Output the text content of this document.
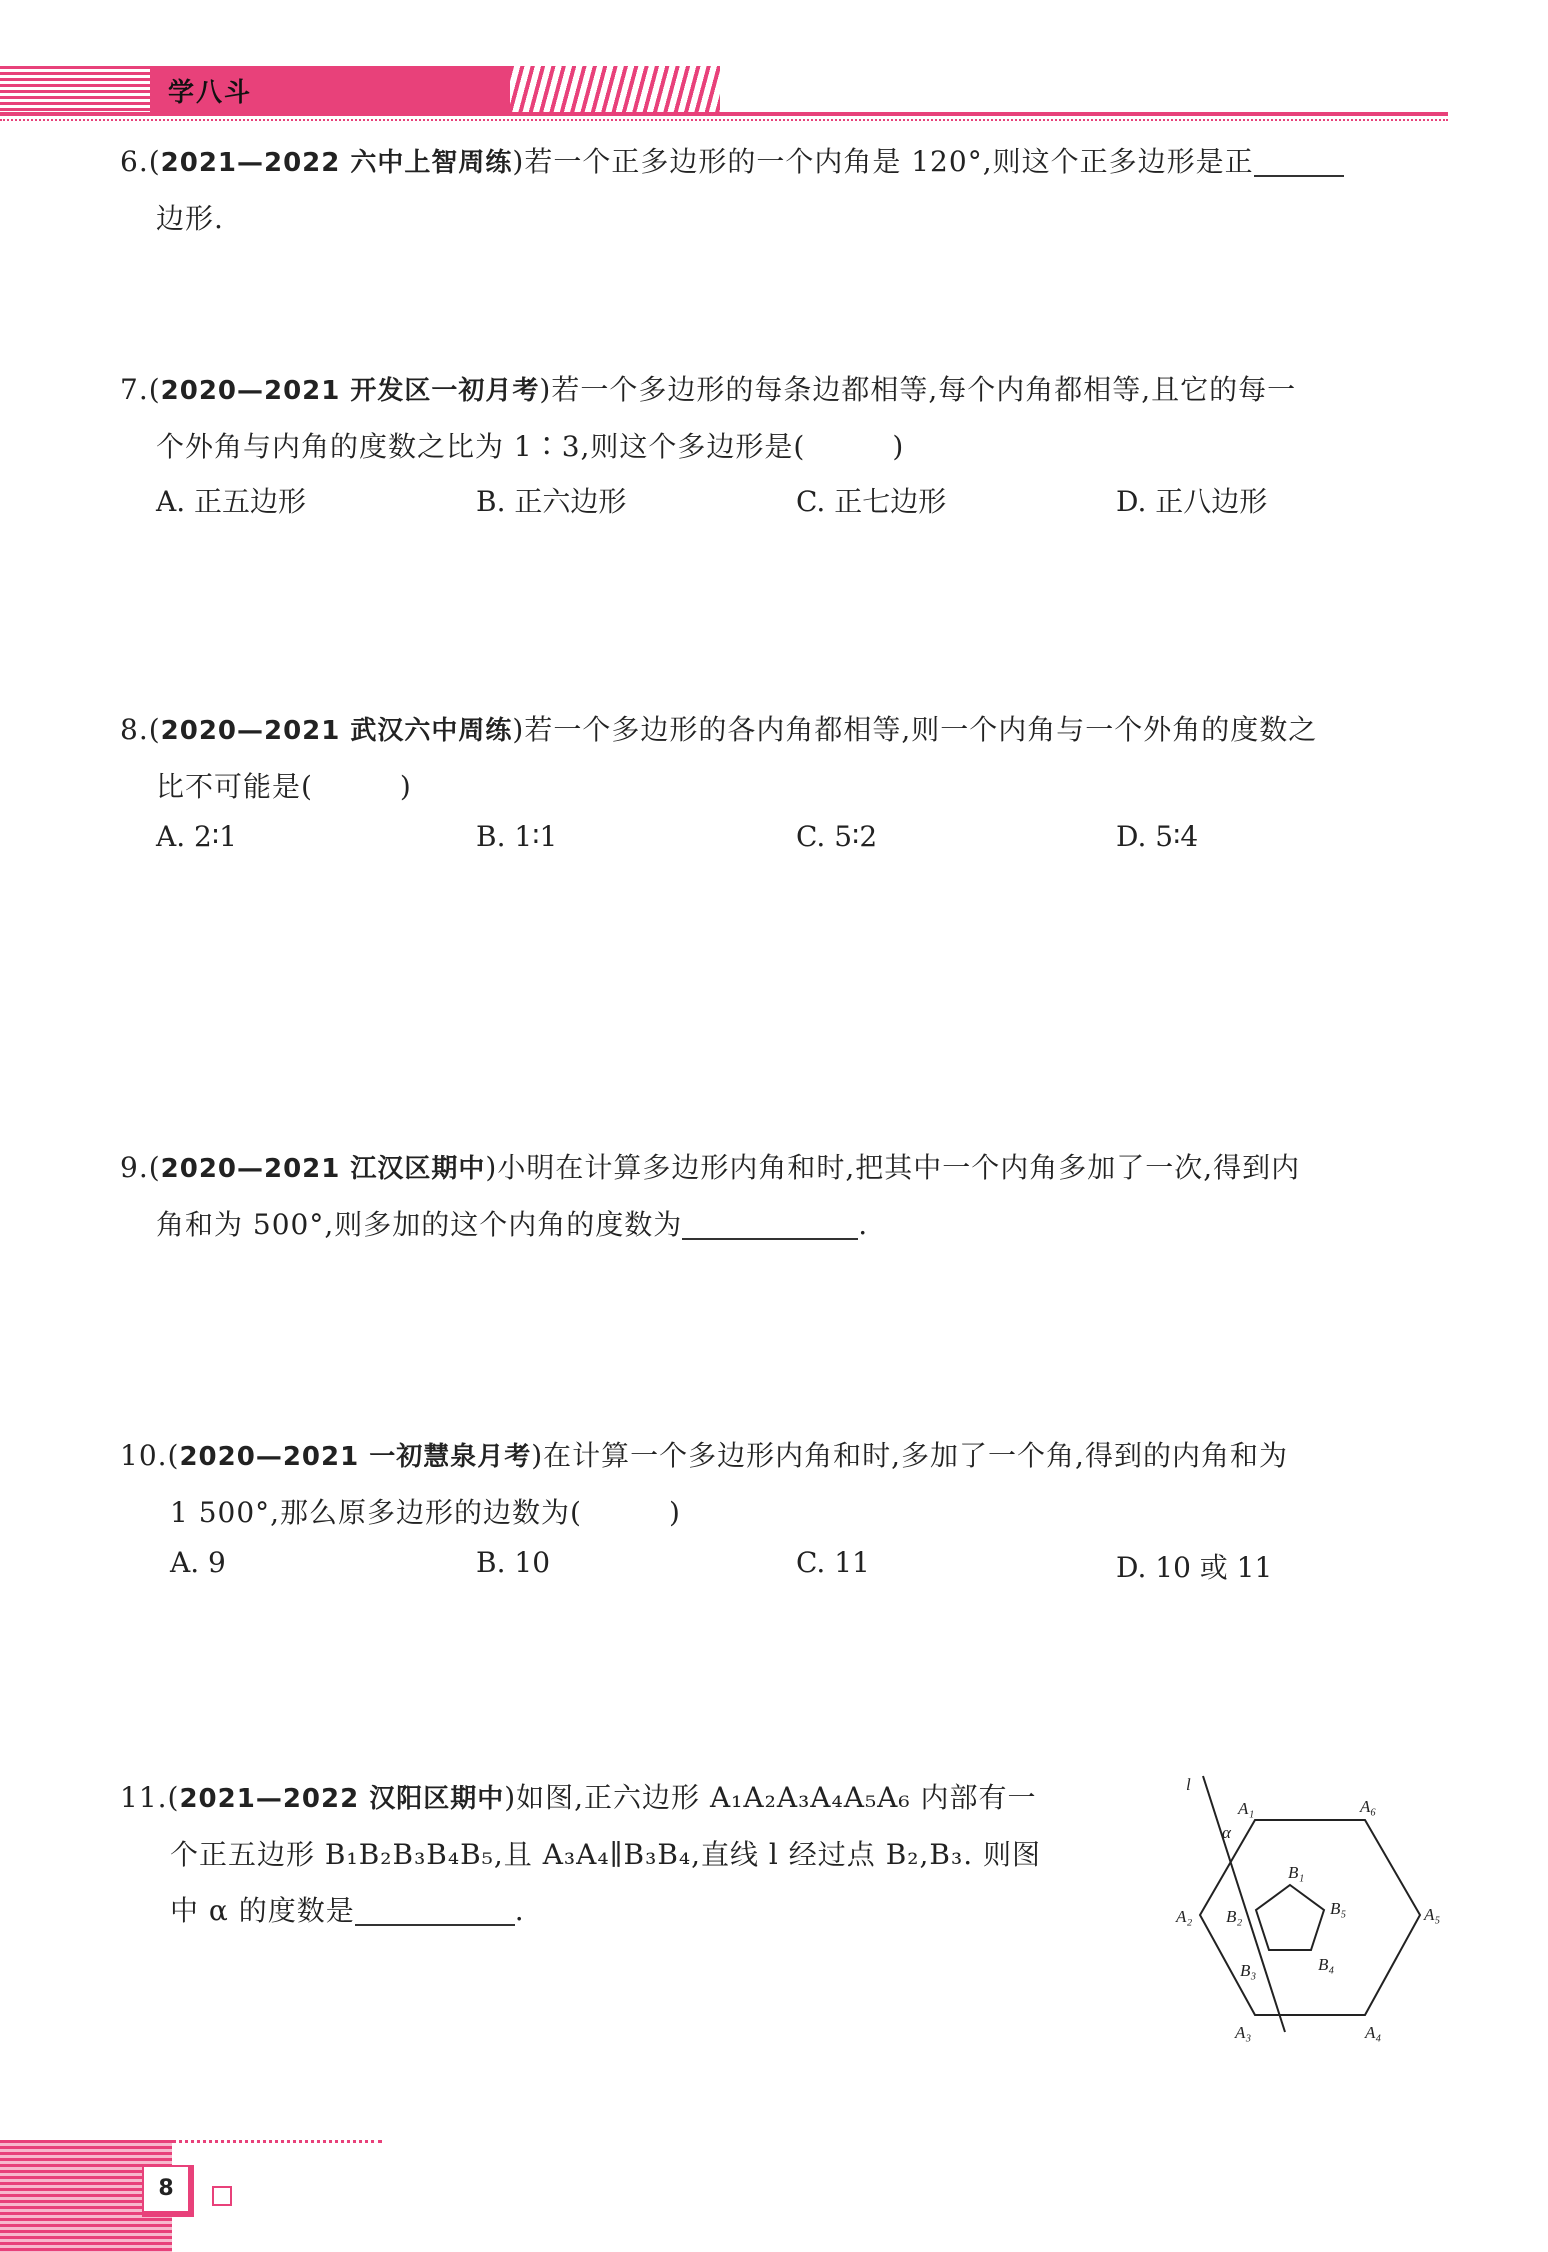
学八斗
6.(2021—2022 六中上智周练)若一个正多边形的一个内角是 120°,则这个正多边形是正
边形.
7.(2020—2021 开发区一初月考)若一个多边形的每条边都相等,每个内角都相等,且它的每一
个外角与内角的度数之比为 1∶3,则这个多边形是(　　　)
A. 正五边形	B. 正六边形	C. 正七边形	D. 正八边形
8.(2020—2021 武汉六中周练)若一个多边形的各内角都相等,则一个内角与一个外角的度数之
比不可能是(　　　)
A. 2∶1	B. 1∶1	C. 5∶2	D. 5∶4
9.(2020—2021 江汉区期中)小明在计算多边形内角和时,把其中一个内角多加了一次,得到内
角和为 500°,则多加的这个内角的度数为	.
10.(2020—2021 一初慧泉月考)在计算一个多边形内角和时,多加了一个角,得到的内角和为
1 500°,那么原多边形的边数为(　　　)
A. 9	B. 10	C. 11	D. 10 或 11
11.(2021—2022 汉阳区期中)如图,正六边形 A₁A₂A₃A₄A₅A₆ 内部有一
个正五边形 B₁B₂B₃B₄B₅,且 A₃A₄∥B₃B₄,直线 l 经过点 B₂,B₃. 则图
中 α 的度数是	.
l
α
A₁
A₂
A₃	A₄
A₅
A₆
B₁
B₂
B₃	B₄
B₅
8
